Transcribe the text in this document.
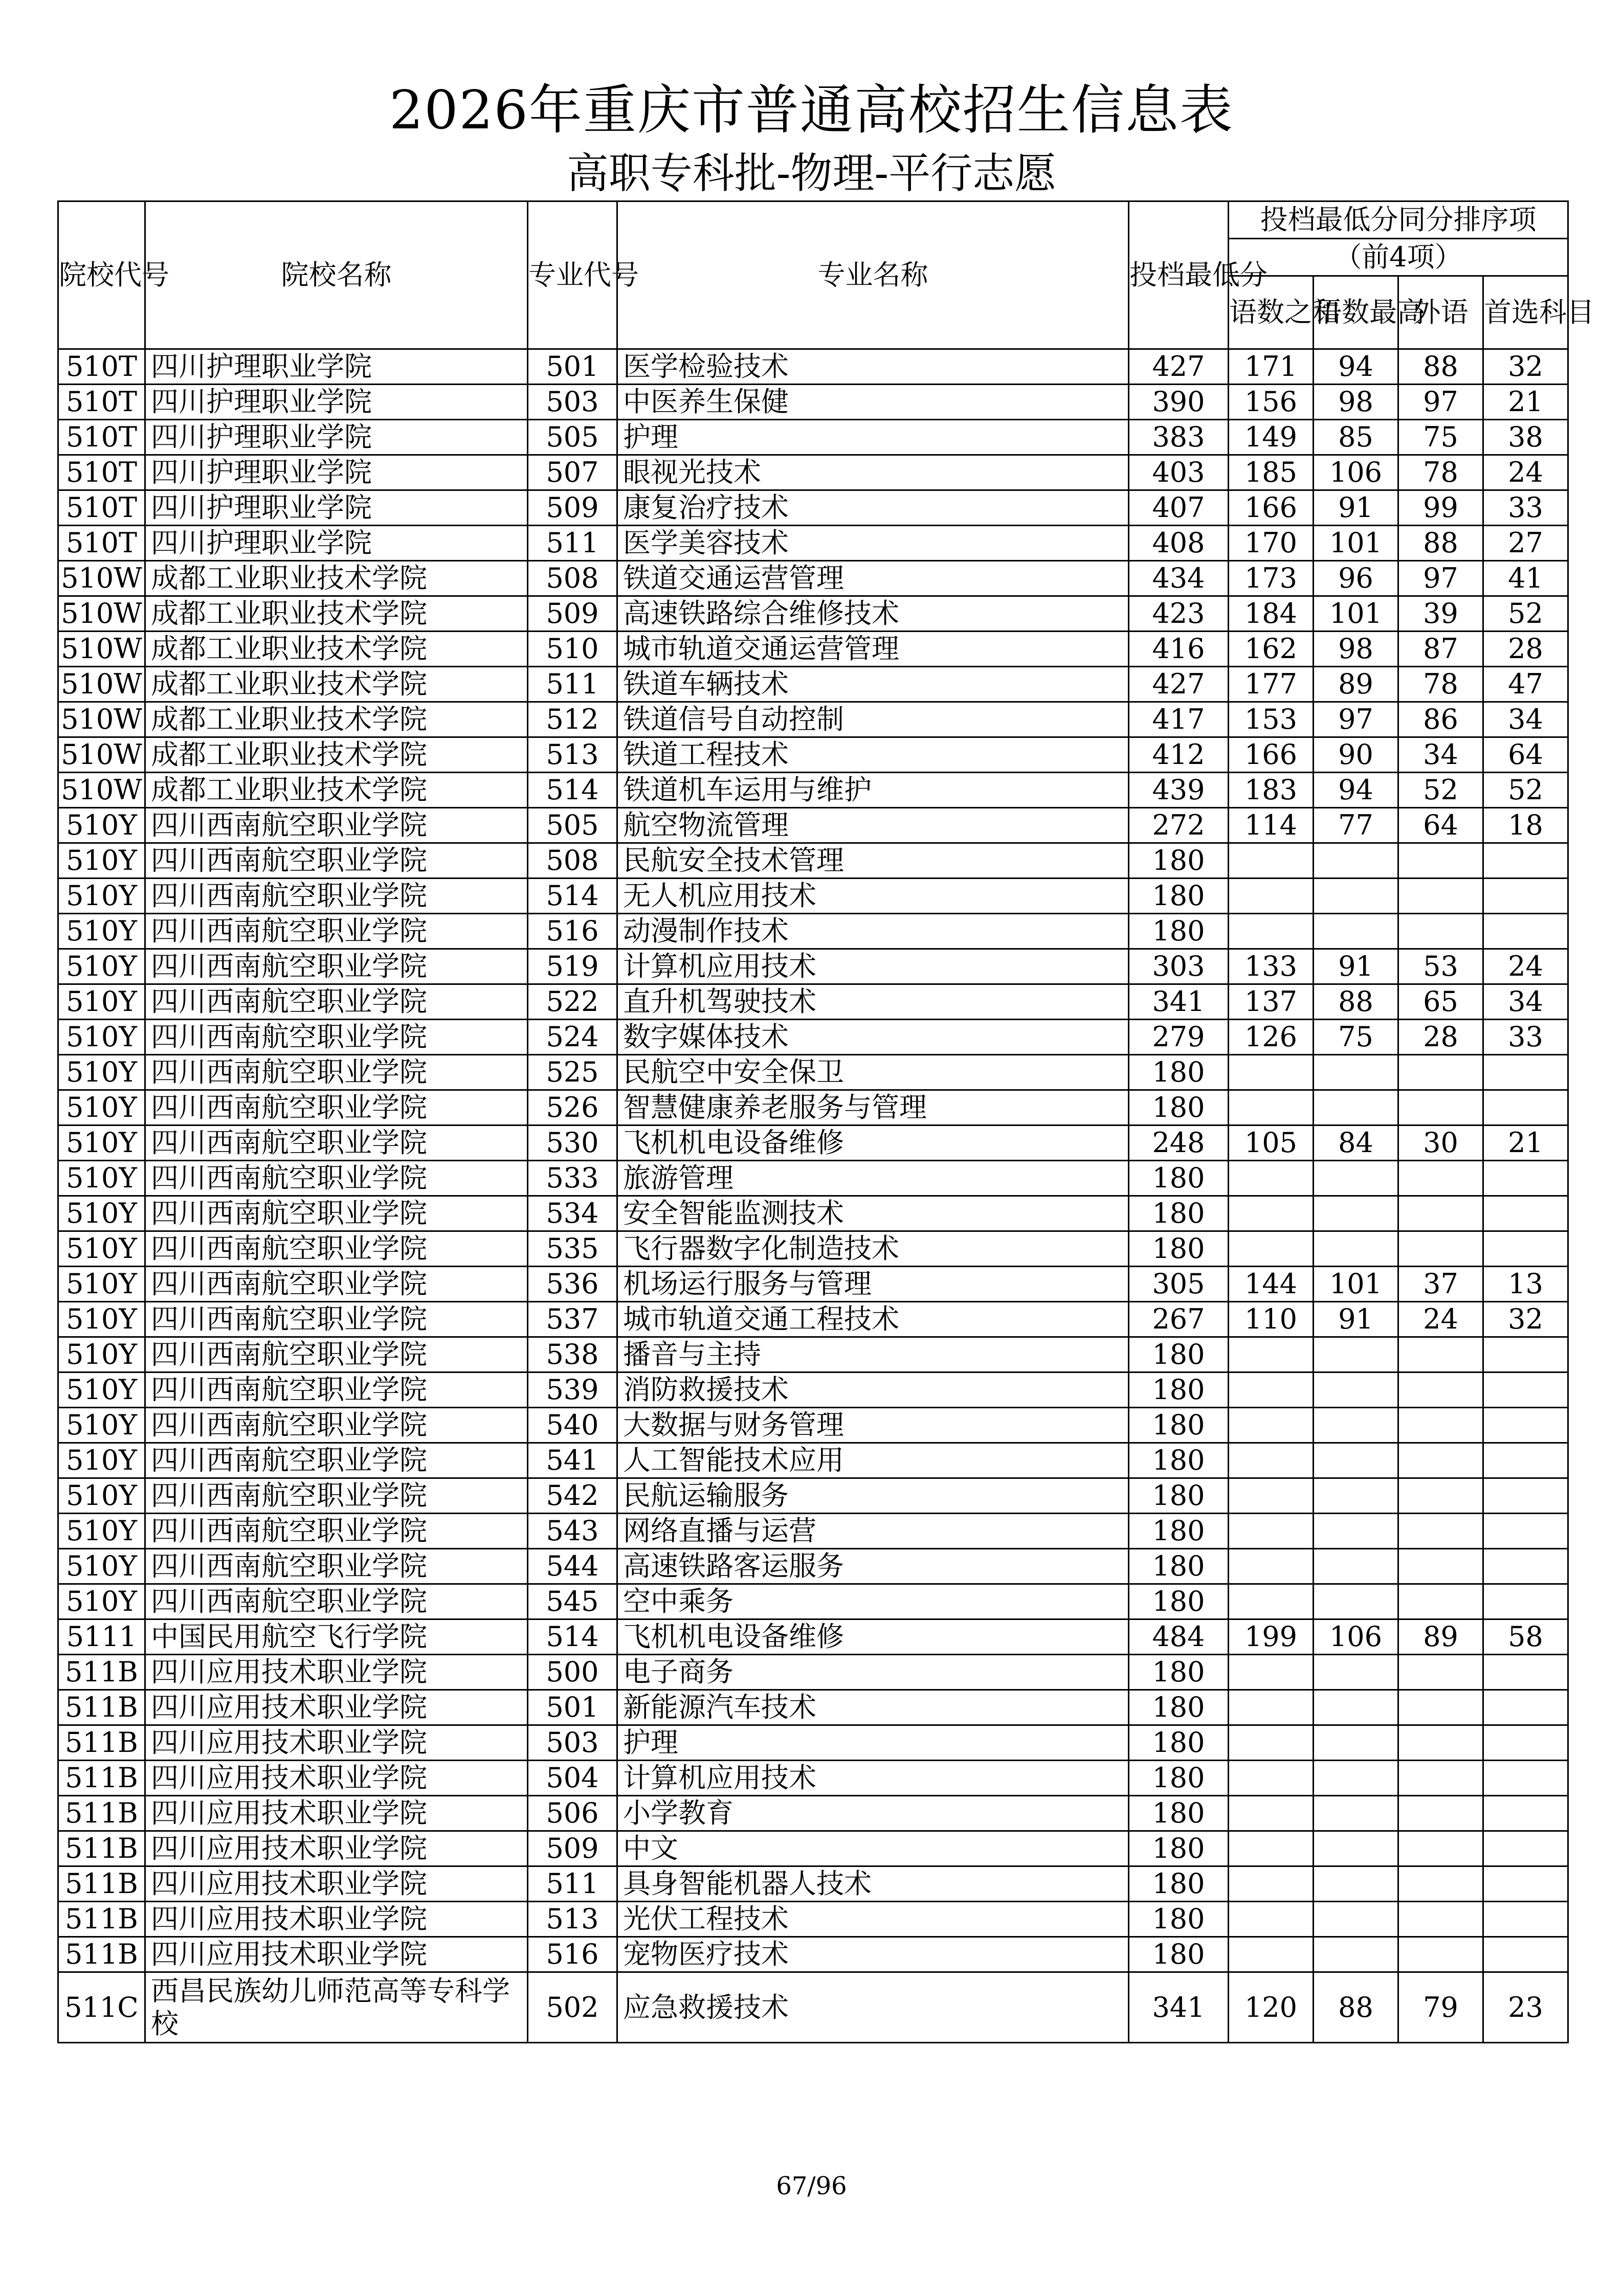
2026年重庆市普通高校招生信息表
高职专科批-物理-平行志愿
院校代号	院校名称	专业代号	专业名称	投档最低分	投档最低分同分排序项			
					（前4项）			
					语数之和	语数最高	外语	首选科目
510T	四川护理职业学院	501	医学检验技术	427	171	94	88	32
510T	四川护理职业学院	503	中医养生保健	390	156	98	97	21
510T	四川护理职业学院	505	护理	383	149	85	75	38
510T	四川护理职业学院	507	眼视光技术	403	185	106	78	24
510T	四川护理职业学院	509	康复治疗技术	407	166	91	99	33
510T	四川护理职业学院	511	医学美容技术	408	170	101	88	27
510W	成都工业职业技术学院	508	铁道交通运营管理	434	173	96	97	41
510W	成都工业职业技术学院	509	高速铁路综合维修技术	423	184	101	39	52
510W	成都工业职业技术学院	510	城市轨道交通运营管理	416	162	98	87	28
510W	成都工业职业技术学院	511	铁道车辆技术	427	177	89	78	47
510W	成都工业职业技术学院	512	铁道信号自动控制	417	153	97	86	34
510W	成都工业职业技术学院	513	铁道工程技术	412	166	90	34	64
510W	成都工业职业技术学院	514	铁道机车运用与维护	439	183	94	52	52
510Y	四川西南航空职业学院	505	航空物流管理	272	114	77	64	18
510Y	四川西南航空职业学院	508	民航安全技术管理	180				
510Y	四川西南航空职业学院	514	无人机应用技术	180				
510Y	四川西南航空职业学院	516	动漫制作技术	180				
510Y	四川西南航空职业学院	519	计算机应用技术	303	133	91	53	24
510Y	四川西南航空职业学院	522	直升机驾驶技术	341	137	88	65	34
510Y	四川西南航空职业学院	524	数字媒体技术	279	126	75	28	33
510Y	四川西南航空职业学院	525	民航空中安全保卫	180				
510Y	四川西南航空职业学院	526	智慧健康养老服务与管理	180				
510Y	四川西南航空职业学院	530	飞机机电设备维修	248	105	84	30	21
510Y	四川西南航空职业学院	533	旅游管理	180				
510Y	四川西南航空职业学院	534	安全智能监测技术	180				
510Y	四川西南航空职业学院	535	飞行器数字化制造技术	180				
510Y	四川西南航空职业学院	536	机场运行服务与管理	305	144	101	37	13
510Y	四川西南航空职业学院	537	城市轨道交通工程技术	267	110	91	24	32
510Y	四川西南航空职业学院	538	播音与主持	180				
510Y	四川西南航空职业学院	539	消防救援技术	180				
510Y	四川西南航空职业学院	540	大数据与财务管理	180				
510Y	四川西南航空职业学院	541	人工智能技术应用	180				
510Y	四川西南航空职业学院	542	民航运输服务	180				
510Y	四川西南航空职业学院	543	网络直播与运营	180				
510Y	四川西南航空职业学院	544	高速铁路客运服务	180				
510Y	四川西南航空职业学院	545	空中乘务	180				
5111	中国民用航空飞行学院	514	飞机机电设备维修	484	199	106	89	58
511B	四川应用技术职业学院	500	电子商务	180				
511B	四川应用技术职业学院	501	新能源汽车技术	180				
511B	四川应用技术职业学院	503	护理	180				
511B	四川应用技术职业学院	504	计算机应用技术	180				
511B	四川应用技术职业学院	506	小学教育	180				
511B	四川应用技术职业学院	509	中文	180				
511B	四川应用技术职业学院	511	具身智能机器人技术	180				
511B	四川应用技术职业学院	513	光伏工程技术	180				
511B	四川应用技术职业学院	516	宠物医疗技术	180				
511C	西昌民族幼儿师范高等专科学校	502	应急救援技术	341	120	88	79	23
67/96
